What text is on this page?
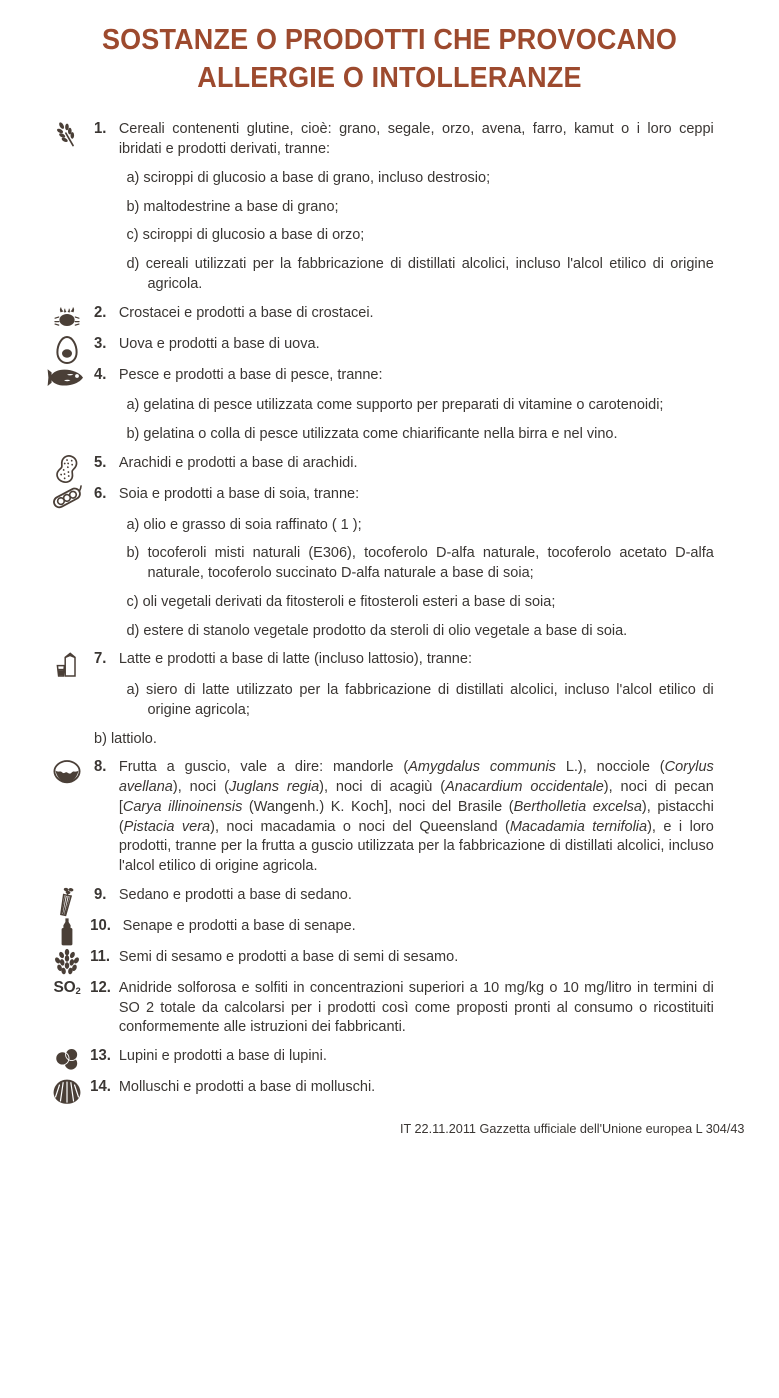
SOSTANZE O PRODOTTI CHE PROVOCANO
ALLERGIE O INTOLLERANZE
1. Cereali contenenti glutine, cioè: grano, segale, orzo, avena, farro, kamut o i loro ceppi ibridati e prodotti derivati, tranne:
a) sciroppi di glucosio a base di grano, incluso destrosio;
b) maltodestrine a base di grano;
c) sciroppi di glucosio a base di orzo;
d) cereali utilizzati per la fabbricazione di distillati alcolici, incluso l'alcol etilico di origine agricola.
2. Crostacei e prodotti a base di crostacei.
3. Uova e prodotti a base di uova.
4. Pesce e prodotti a base di pesce, tranne:
a) gelatina di pesce utilizzata come supporto per preparati di vitamine o carotenoidi;
b) gelatina o colla di pesce utilizzata come chiarificante nella birra e nel vino.
5. Arachidi e prodotti a base di arachidi.
6. Soia e prodotti a base di soia, tranne:
a) olio e grasso di soia raffinato ( 1 );
b) tocoferoli misti naturali (E306), tocoferolo D-alfa naturale, tocoferolo acetato D-alfa naturale, tocoferolo succinato D-alfa naturale a base di soia;
c) oli vegetali derivati da fitosteroli e fitosteroli esteri a base di soia;
d) estere di stanolo vegetale prodotto da steroli di olio vegetale a base di soia.
7. Latte e prodotti a base di latte (incluso lattosio), tranne:
a) siero di latte utilizzato per la fabbricazione di distillati alcolici, incluso l'alcol etilico di origine agricola;
b) lattiolo.
8. Frutta a guscio, vale a dire: mandorle (Amygdalus communis L.), nocciole (Corylus avellana), noci (Juglans regia), noci di acagiù (Anacardium occidentale), noci di pecan [Carya illinoinensis (Wangenh.) K. Koch], noci del Brasile (Bertholletia excelsa), pistacchi (Pistacia vera), noci macadamia o noci del Queensland (Macadamia ternifolia), e i loro prodotti, tranne per la frutta a guscio utilizzata per la fabbricazione di distillati alcolici, incluso l'alcol etilico di origine agricola.
9. Sedano e prodotti a base di sedano.
10. Senape e prodotti a base di senape.
11. Semi di sesamo e prodotti a base di semi di sesamo.
$SO_2$ 12. Anidride solforosa e solfiti in concentrazioni superiori a 10 mg/kg o 10 mg/litro in termini di SO 2 totale da calcolarsi per i prodotti così come proposti pronti al consumo o ricostituiti conformemente alle istruzioni dei fabbricanti.
13. Lupini e prodotti a base di lupini.
14. Molluschi e prodotti a base di molluschi.
IT 22.11.2011 Gazzetta ufficiale dell'Unione europea L 304/43
